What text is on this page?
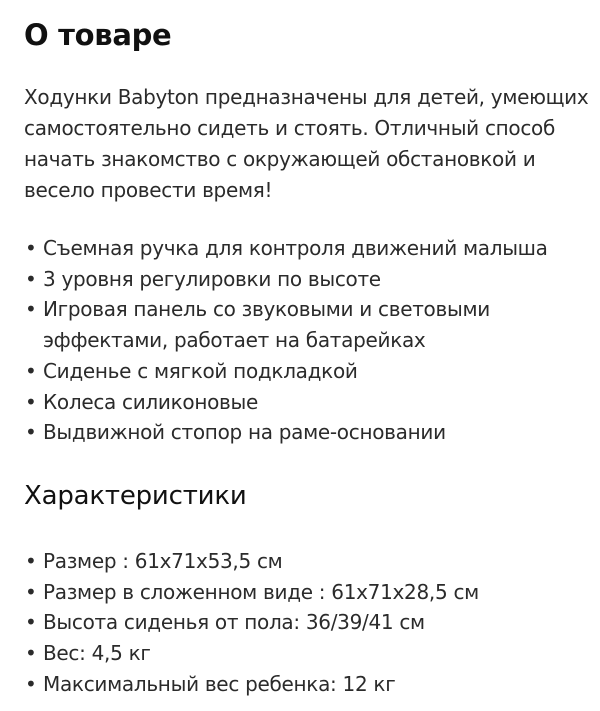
О товаре

Ходунки Babyton предназначены для детей, умеющих самостоятельно сидеть и стоять. Отличный способ начать знакомство с окружающей обстановкой и весело провести время!

• Съемная ручка для контроля движений малыша
• 3 уровня регулировки по высоте
• Игровая панель со звуковыми и световыми эффектами, работает на батарейках
• Сиденье с мягкой подкладкой
• Колеса силиконовые
• Выдвижной стопор на раме-основании
Характеристики
• Размер : 61х71х53,5 см
• Размер в сложенном виде : 61х71х28,5 см
• Высота сиденья от пола: 36/39/41 см
• Вес: 4,5 кг
• Максимальный вес ребенка: 12 кг
